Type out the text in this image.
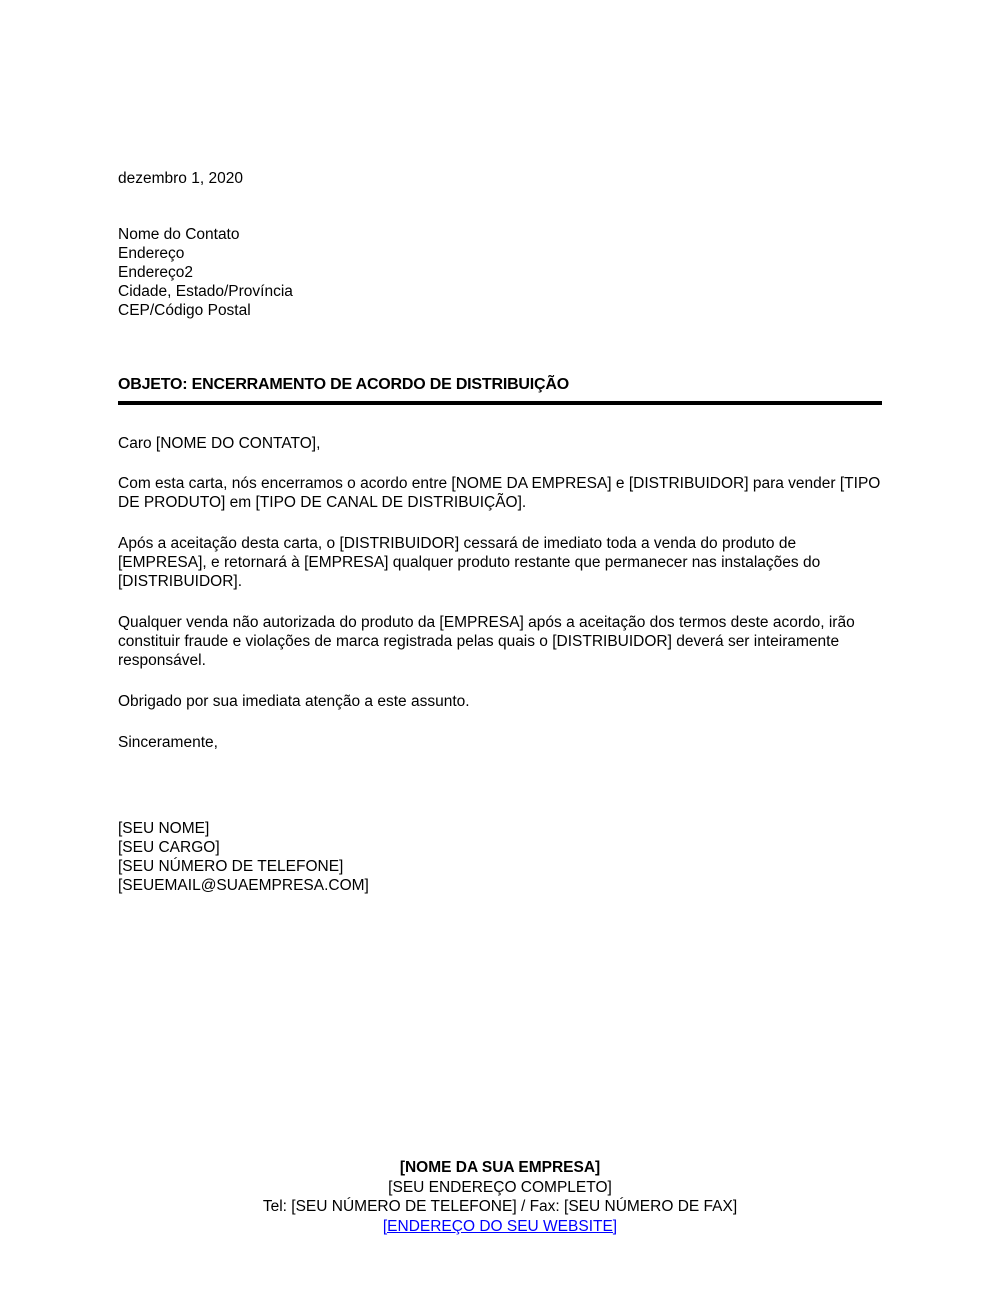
dezembro 1, 2020
Nome do Contato
Endereço
Endereço2
Cidade, Estado/Província
CEP/Código Postal
OBJETO: ENCERRAMENTO DE ACORDO DE DISTRIBUIÇÃO
Caro [NOME DO CONTATO],

Com esta carta, nós encerramos o acordo entre [NOME DA EMPRESA] e [DISTRIBUIDOR] para vender [TIPO DE PRODUTO] em [TIPO DE CANAL DE DISTRIBUIÇÃO].

Após a aceitação desta carta, o [DISTRIBUIDOR] cessará de imediato toda a venda do produto de [EMPRESA], e retornará à [EMPRESA] qualquer produto restante que permanecer nas instalações do [DISTRIBUIDOR].

Qualquer venda não autorizada do produto da [EMPRESA] após a aceitação dos termos deste acordo, irão constituir fraude e violações de marca registrada pelas quais o [DISTRIBUIDOR] deverá ser inteiramente responsável.

Obrigado por sua imediata atenção a este assunto.

Sinceramente,
[SEU NOME]
[SEU CARGO]
[SEU NÚMERO DE TELEFONE]
[SEUEMAIL@SUAEMPRESA.COM]
[NOME DA SUA EMPRESA]
[SEU ENDEREÇO COMPLETO]
Tel: [SEU NÚMERO DE TELEFONE] / Fax: [SEU NÚMERO DE FAX]
[ENDEREÇO DO SEU WEBSITE]
